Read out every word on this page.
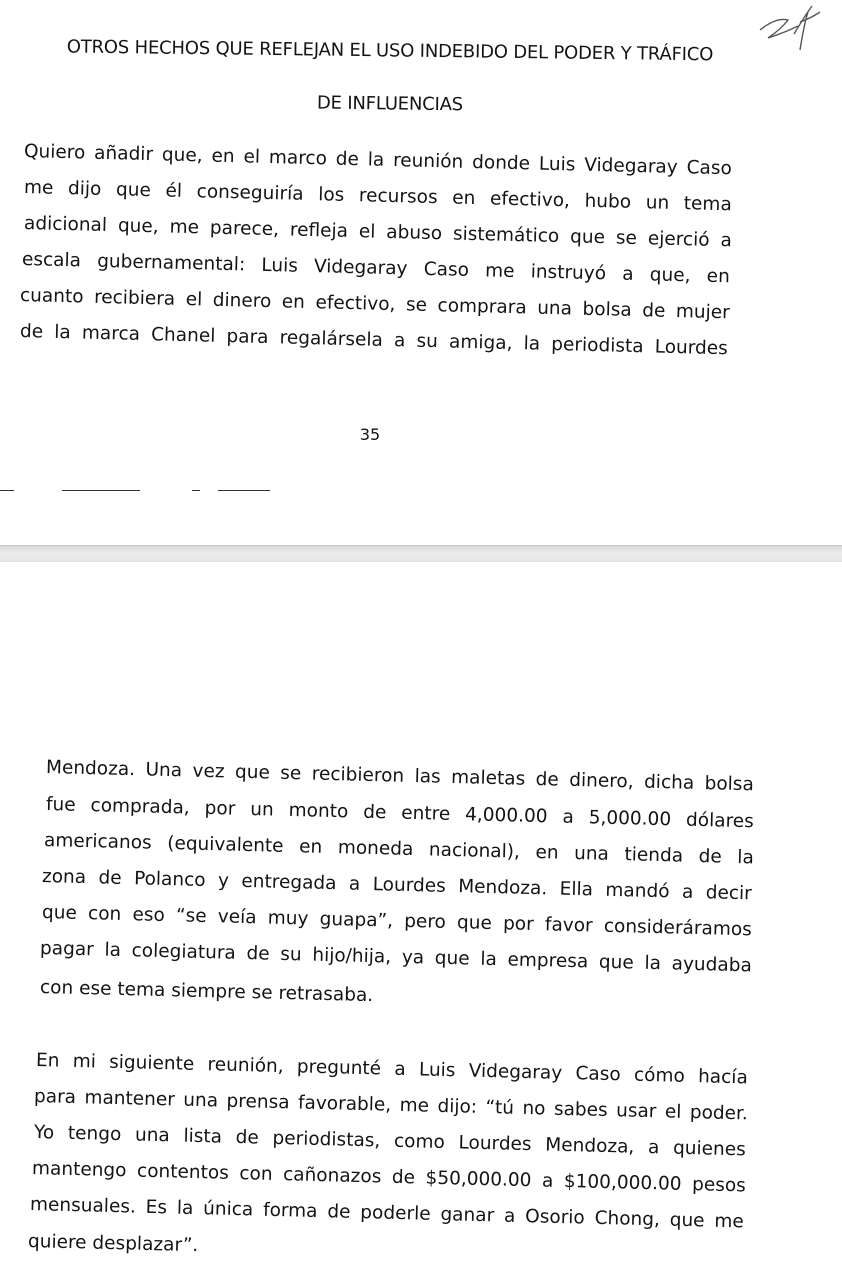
OTROS HECHOS QUE REFLEJAN EL USO INDEBIDO DEL PODER Y TRÁFICO
DE INFLUENCIAS
Quiero añadir que, en el marco de la reunión donde Luis Videgaray Caso
me dijo que él conseguiría los recursos en efectivo, hubo un tema
adicional que, me parece, refleja el abuso sistemático que se ejerció a
escala gubernamental: Luis Videgaray Caso me instruyó a que, en
cuanto recibiera el dinero en efectivo, se comprara una bolsa de mujer
de la marca Chanel para regalársela a su amiga, la periodista Lourdes
35
Mendoza. Una vez que se recibieron las maletas de dinero, dicha bolsa
fue comprada, por un monto de entre 4,000.00 a 5,000.00 dólares
americanos (equivalente en moneda nacional), en una tienda de la
zona de Polanco y entregada a Lourdes Mendoza. Ella mandó a decir
que con eso “se veía muy guapa”, pero que por favor consideráramos
pagar la colegiatura de su hijo/hija, ya que la empresa que la ayudaba
con ese tema siempre se retrasaba.
En mi siguiente reunión, pregunté a Luis Videgaray Caso cómo hacía
para mantener una prensa favorable, me dijo: “tú no sabes usar el poder.
Yo tengo una lista de periodistas, como Lourdes Mendoza, a quienes
mantengo contentos con cañonazos de $50,000.00 a $100,000.00 pesos
mensuales. Es la única forma de poderle ganar a Osorio Chong, que me
quiere desplazar”.
